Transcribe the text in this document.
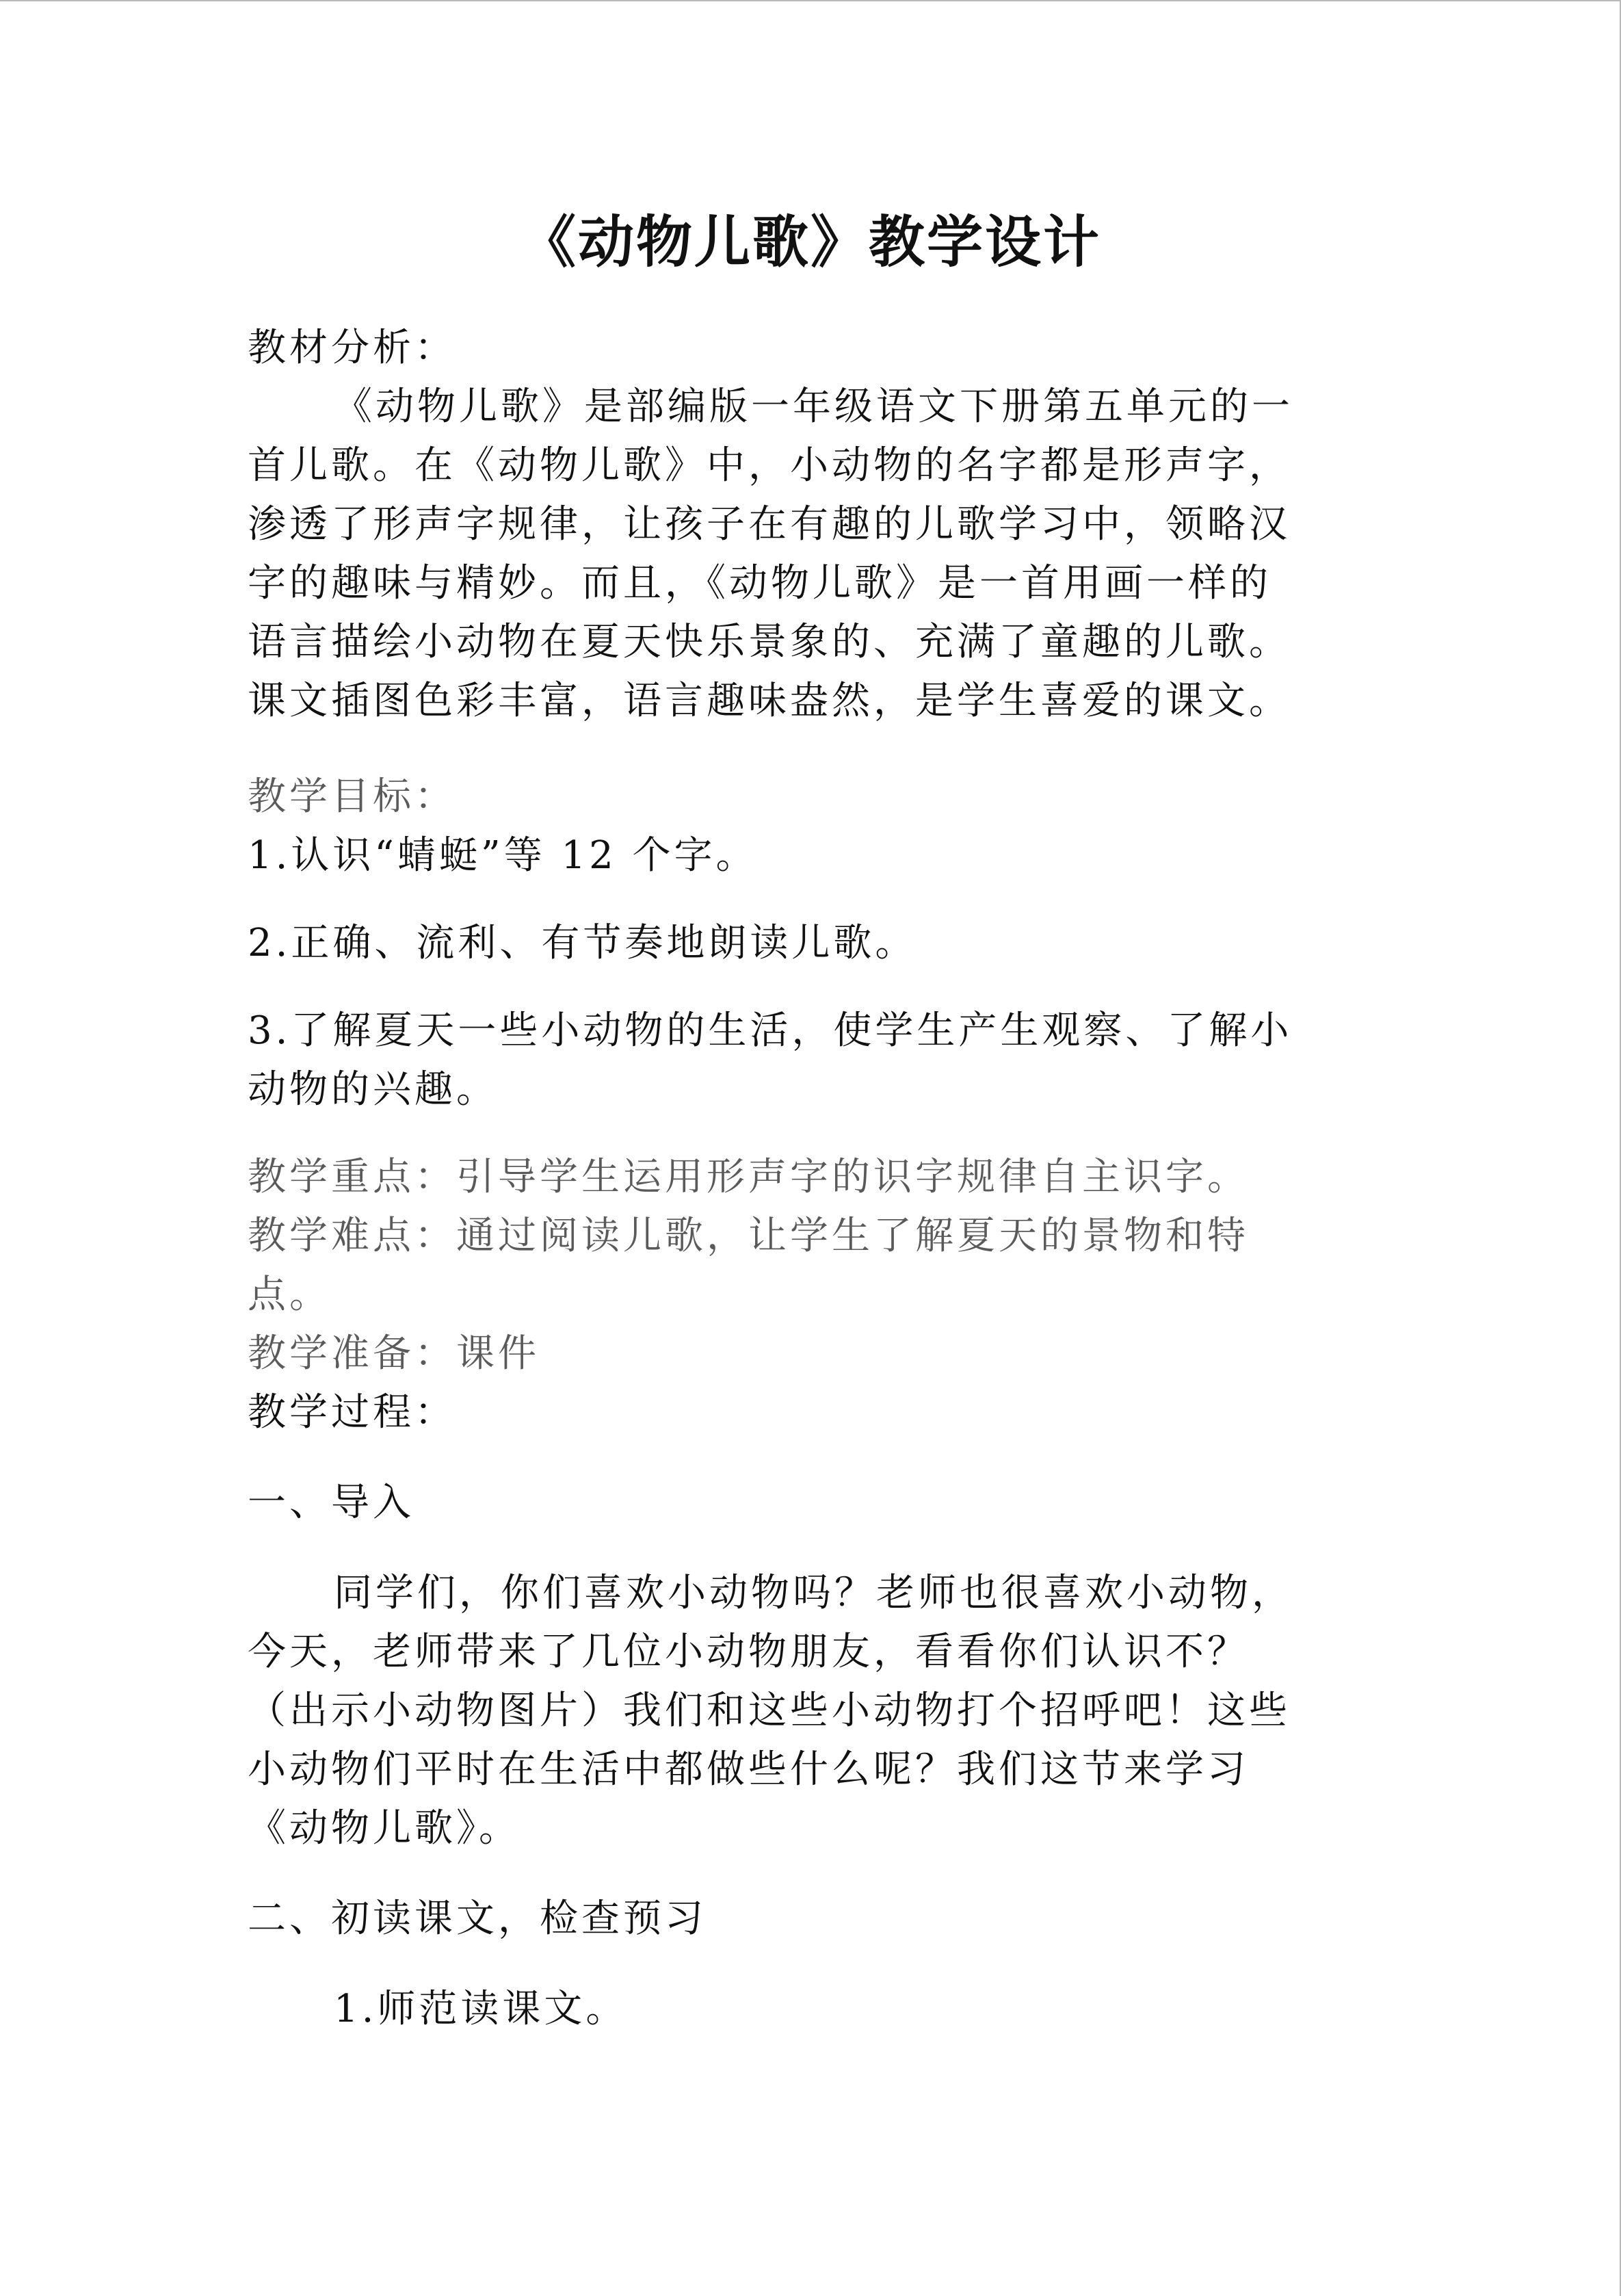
《动物儿歌》教学设计
教材分析：
《动物儿歌》是部编版一年级语文下册第五单元的一
首儿歌。在《动物儿歌》中，小动物的名字都是形声字，
渗透了形声字规律，让孩子在有趣的儿歌学习中，领略汉
字的趣味与精妙。而且，《动物儿歌》是一首用画一样的
语言描绘小动物在夏天快乐景象的、充满了童趣的儿歌。
课文插图色彩丰富，语言趣味盎然，是学生喜爱的课文。
教学目标：
1.认识“蜻蜓”等 12 个字。
2.正确、流利、有节奏地朗读儿歌。
3.了解夏天一些小动物的生活，使学生产生观察、了解小
动物的兴趣。
教学重点：引导学生运用形声字的识字规律自主识字。
教学难点：通过阅读儿歌，让学生了解夏天的景物和特
点。
教学准备：课件
教学过程：
一、导入
同学们，你们喜欢小动物吗？老师也很喜欢小动物，
今天，老师带来了几位小动物朋友，看看你们认识不？
（出示小动物图片）我们和这些小动物打个招呼吧！这些
小动物们平时在生活中都做些什么呢？我们这节来学习
《动物儿歌》。
二、初读课文，检查预习
1.师范读课文。
